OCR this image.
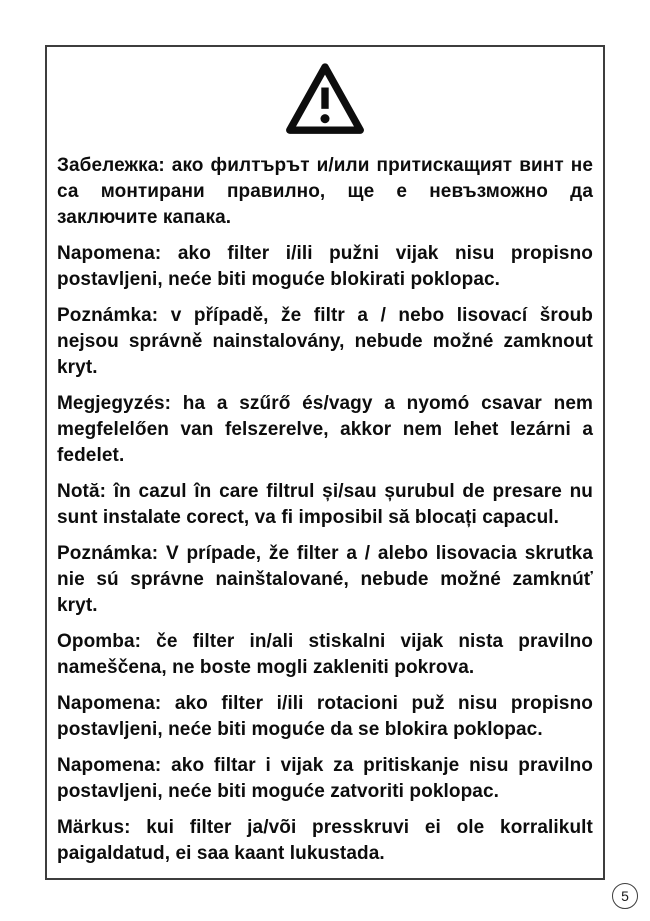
Забележка: ако филтърът и/или притискащият винт не са монтирани правилно, ще е невъзможно да заключите капака.

Napomena: ako filter i/ili pužni vijak nisu propisno postavljeni, neće biti moguće blokirati poklopac.

Poznámka: v případě, že filtr a / nebo lisovací šroub nejsou správně nainstalovány, nebude možné zamknout kryt.

Megjegyzés: ha a szűrő és/vagy a nyomó csavar nem megfelelően van felszerelve, akkor nem lehet lezárni a fedelet.

Notă: în cazul în care filtrul și/sau șurubul de presare nu sunt instalate corect, va fi imposibil să blocați capacul.

Poznámka: V prípade, že filter a / alebo lisovacia skrutka nie sú správne nainštalované, nebude možné zamknúť kryt.

Opomba: če filter in/ali stiskalni vijak nista pravilno nameščena, ne boste mogli zakleniti pokrova.

Napomena: ako filter i/ili rotacioni puž nisu propisno postavljeni, neće biti moguće da se blokira poklopac.

Napomena: ako filtar i vijak za pritiskanje nisu pravilno postavljeni, neće biti moguće zatvoriti poklopac.

Märkus: kui filter ja/või presskruvi ei ole korralikult paigaldatud, ei saa kaant lukustada.

5
